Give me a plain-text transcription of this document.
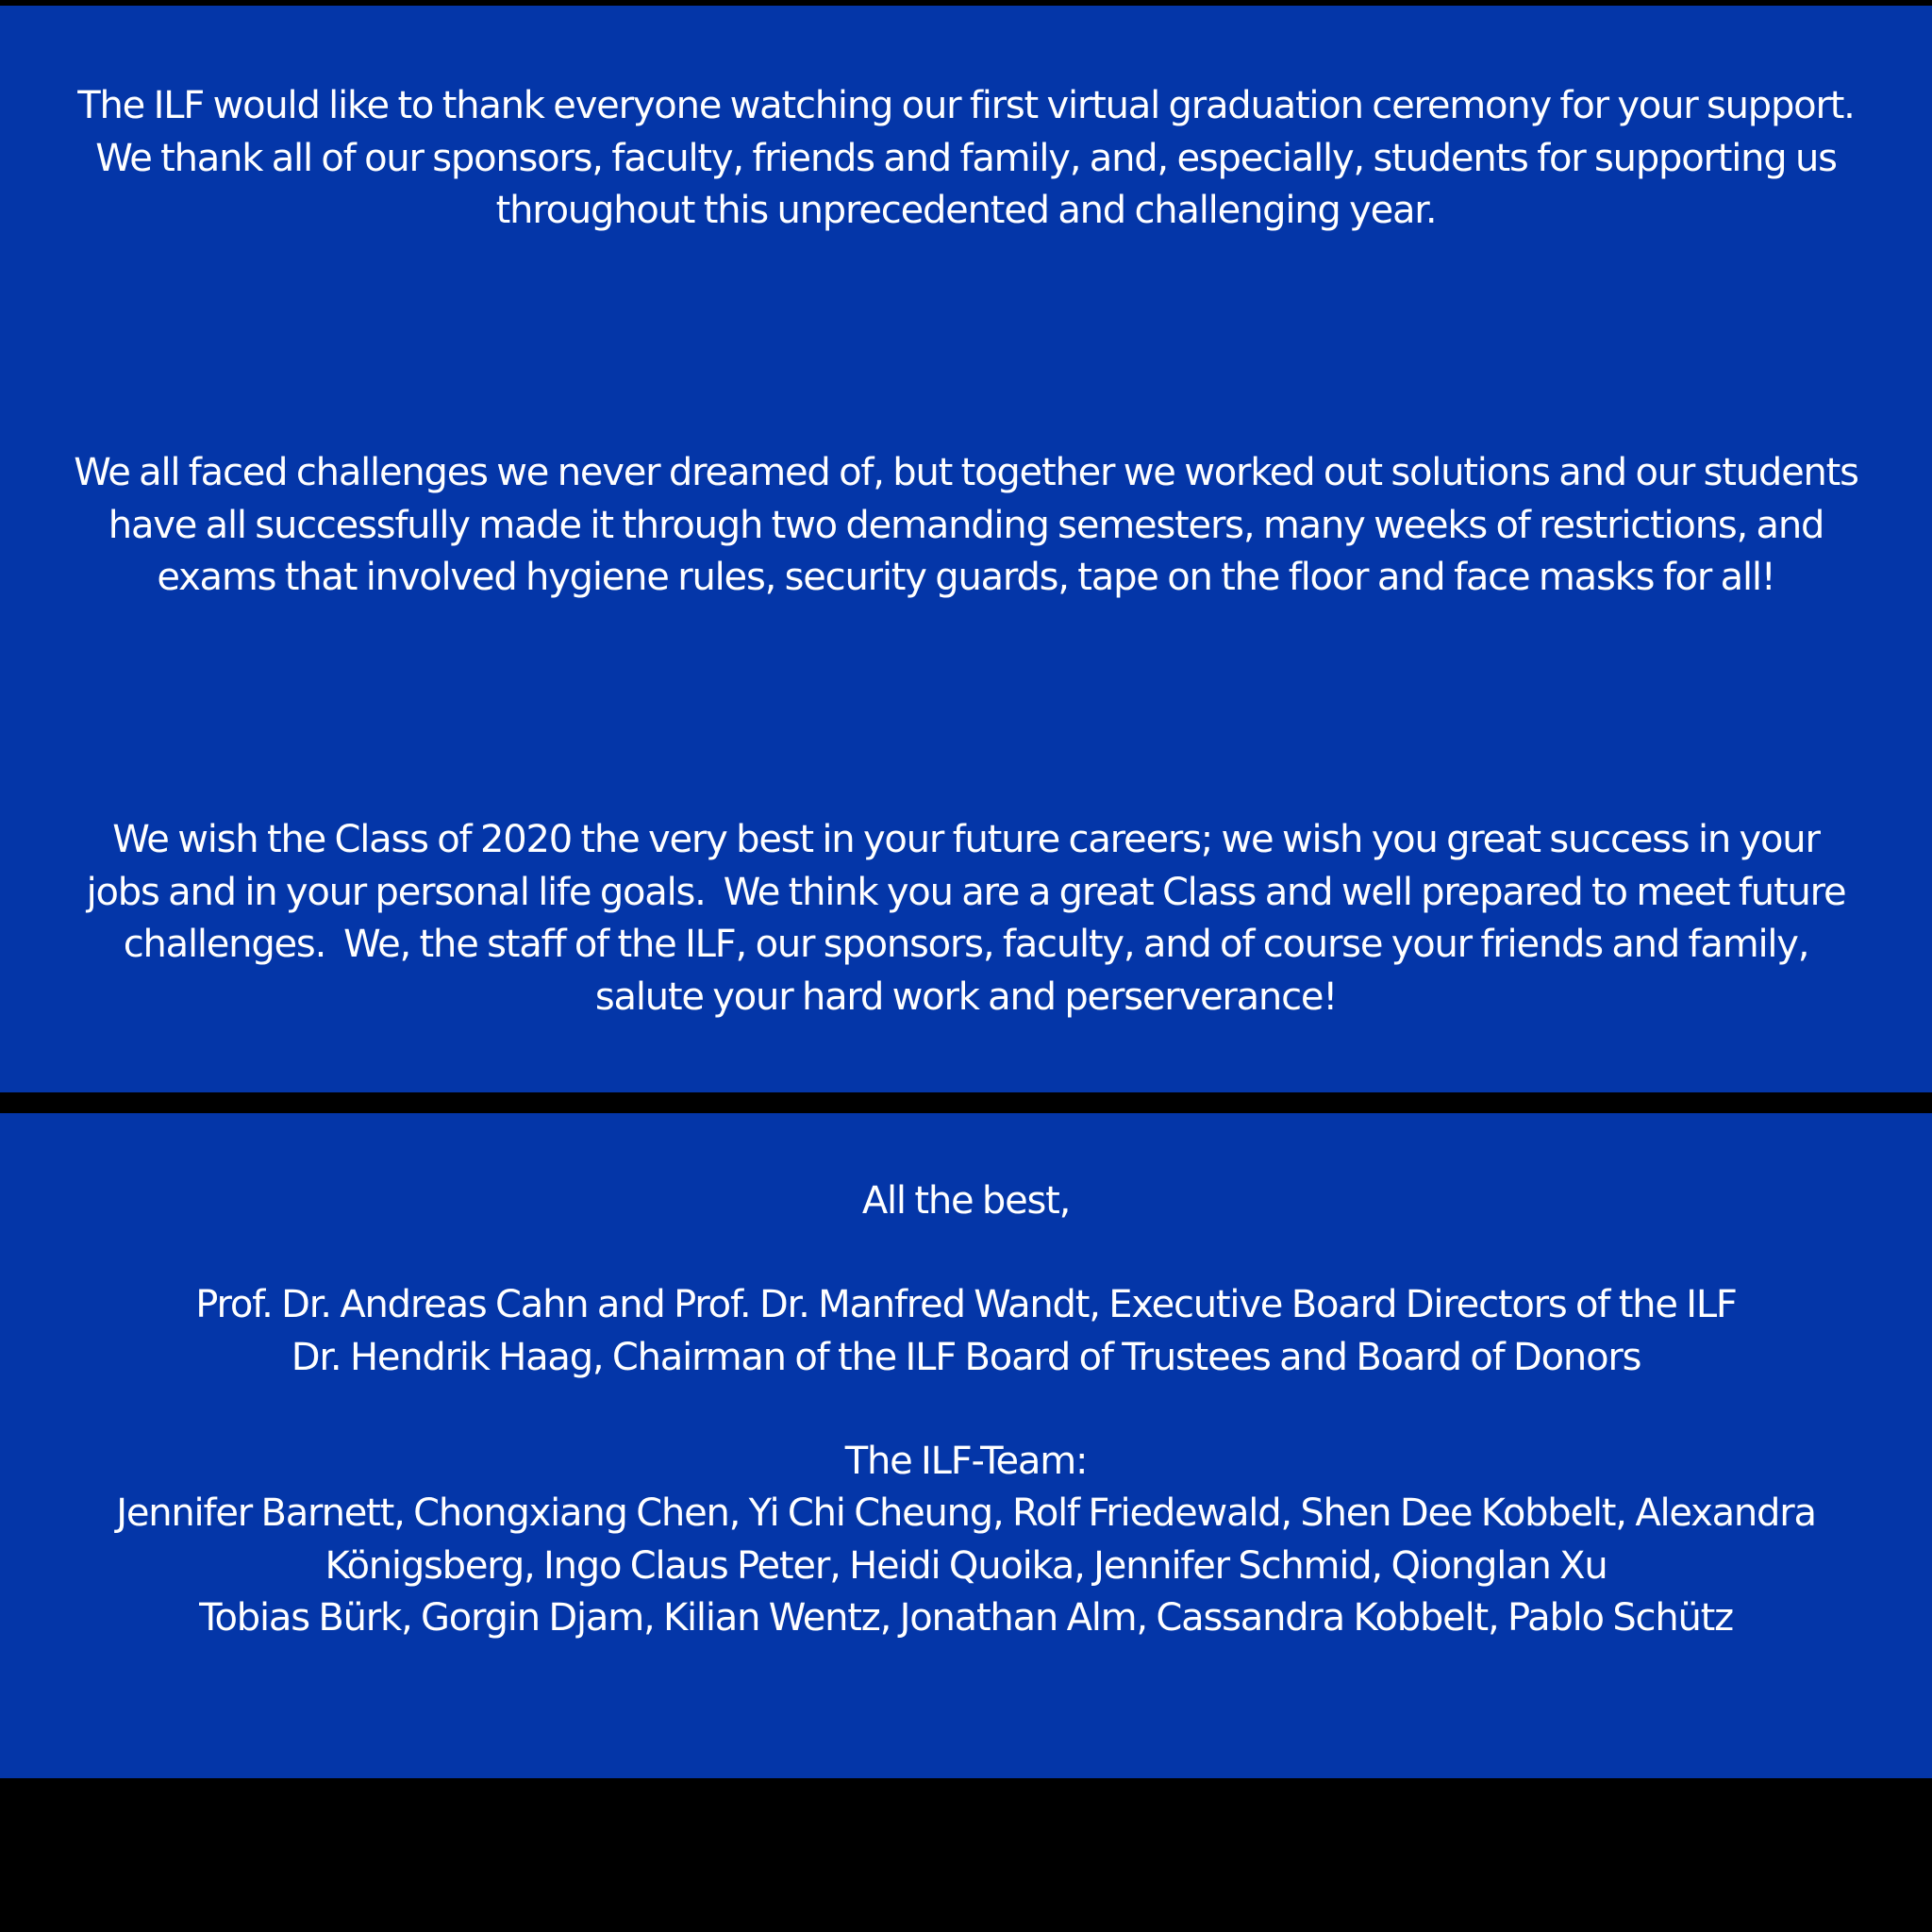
The ILF would like to thank everyone watching our first virtual graduation ceremony for your support.
We thank all of our sponsors, faculty, friends and family, and, especially, students for supporting us
throughout this unprecedented and challenging year.

We all faced challenges we never dreamed of, but together we worked out solutions and our students
have all successfully made it through two demanding semesters, many weeks of restrictions, and
exams that involved hygiene rules, security guards, tape on the floor and face masks for all!

We wish the Class of 2020 the very best in your future careers; we wish you great success in your
jobs and in your personal life goals.  We think you are a great Class and well prepared to meet future
challenges.  We, the staff of the ILF, our sponsors, faculty, and of course your friends and family,
salute your hard work and perserverance!

All the best,

Prof. Dr. Andreas Cahn and Prof. Dr. Manfred Wandt, Executive Board Directors of the ILF
Dr. Hendrik Haag, Chairman of the ILF Board of Trustees and Board of Donors

The ILF-Team:

Jennifer Barnett, Chongxiang Chen, Yi Chi Cheung, Rolf Friedewald, Shen Dee Kobbelt, Alexandra
Königsberg, Ingo Claus Peter, Heidi Quoika, Jennifer Schmid, Qionglan Xu
Tobias Bürk, Gorgin Djam, Kilian Wentz, Jonathan Alm, Cassandra Kobbelt, Pablo Schütz
